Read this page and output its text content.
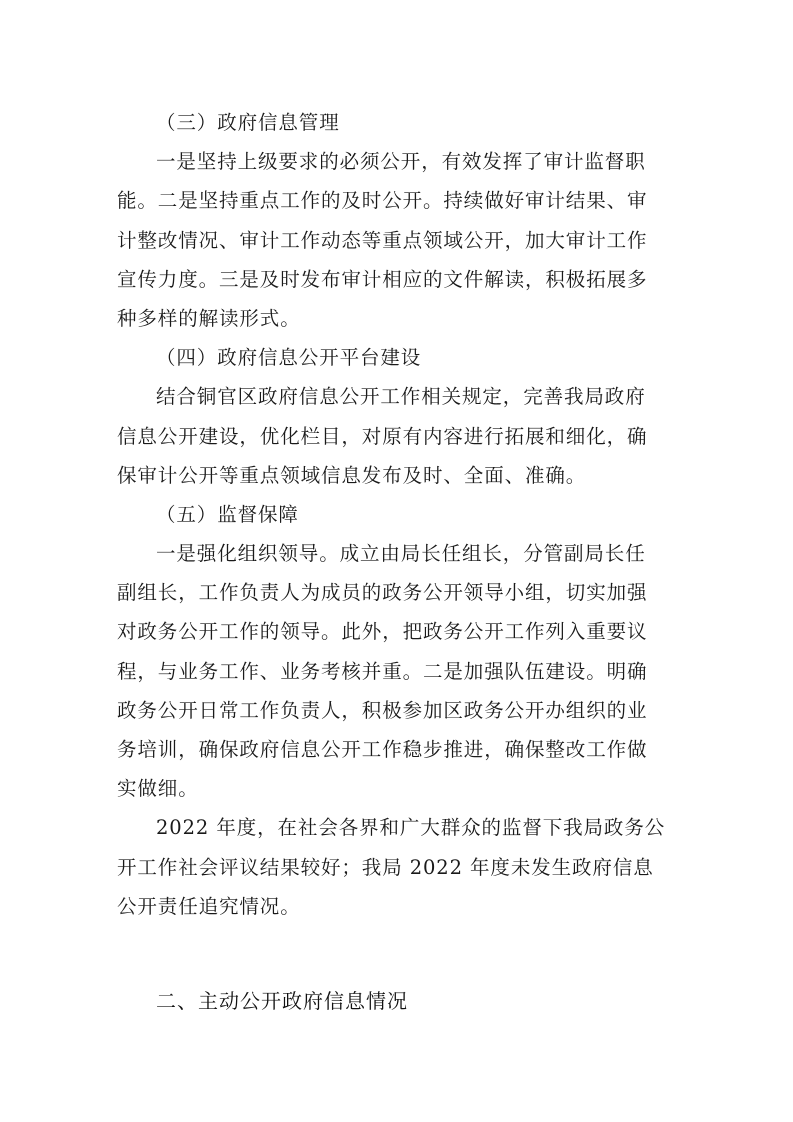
（三）政府信息管理
一是坚持上级要求的必须公开，有效发挥了审计监督职
能。二是坚持重点工作的及时公开。持续做好审计结果、审
计整改情况、审计工作动态等重点领域公开，加大审计工作
宣传力度。三是及时发布审计相应的文件解读，积极拓展多
种多样的解读形式。
（四）政府信息公开平台建设
结合铜官区政府信息公开工作相关规定，完善我局政府
信息公开建设，优化栏目，对原有内容进行拓展和细化，确
保审计公开等重点领域信息发布及时、全面、准确。
（五）监督保障
一是强化组织领导。成立由局长任组长，分管副局长任
副组长，工作负责人为成员的政务公开领导小组，切实加强
对政务公开工作的领导。此外，把政务公开工作列入重要议
程，与业务工作、业务考核并重。二是加强队伍建设。明确
政务公开日常工作负责人，积极参加区政务公开办组织的业
务培训，确保政府信息公开工作稳步推进，确保整改工作做
实做细。
2022 年度，在社会各界和广大群众的监督下我局政务公
开工作社会评议结果较好；我局 2022 年度未发生政府信息
公开责任追究情况。
二、主动公开政府信息情况
